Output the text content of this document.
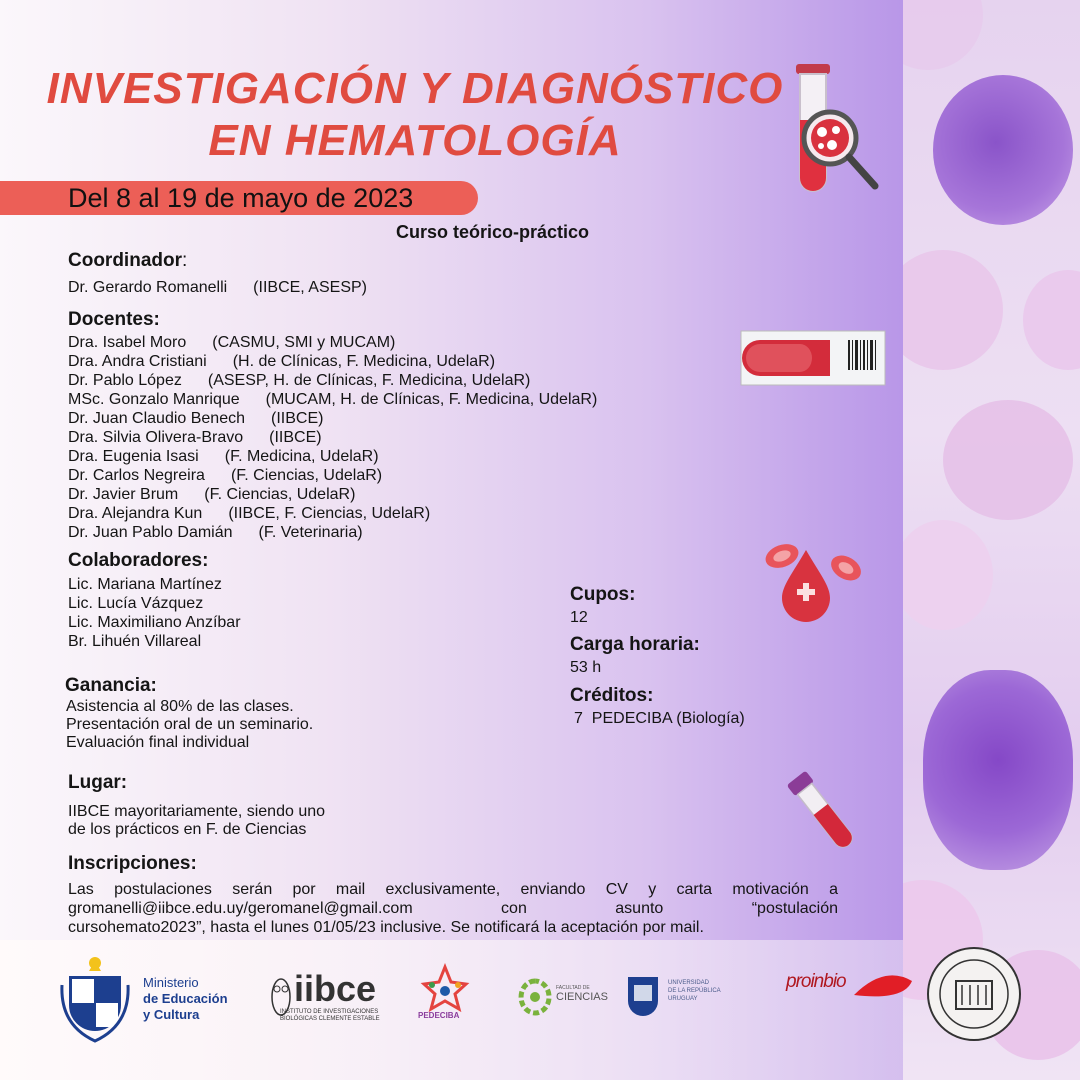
INVESTIGACIÓN Y DIAGNÓSTICO
EN HEMATOLOGÍA
Del 8 al 19 de mayo de 2023
Curso teórico-práctico
Coordinador:
Dr. Gerardo Romanelli (IIBCE, ASESP)
Docentes:
Dra. Isabel Moro (CASMU, SMI y MUCAM)
Dra. Andra Cristiani (H. de Clínicas, F. Medicina, UdelaR)
Dr. Pablo López (ASESP, H. de Clínicas, F. Medicina, UdelaR)
MSc. Gonzalo Manrique (MUCAM, H. de Clínicas, F. Medicina, UdelaR)
Dr. Juan Claudio Benech (IIBCE)
Dra. Silvia Olivera-Bravo (IIBCE)
Dra. Eugenia Isasi (F. Medicina, UdelaR)
Dr. Carlos Negreira (F. Ciencias, UdelaR)
Dr. Javier Brum (F. Ciencias, UdelaR)
Dra. Alejandra Kun (IIBCE, F. Ciencias, UdelaR)
Dr. Juan Pablo Damián (F. Veterinaria)
Colaboradores:
Lic. Mariana Martínez
Lic. Lucía Vázquez
Lic. Maximiliano Anzíbar
Br. Lihuén Villareal
Cupos:
12
Carga horaria:
53 h
Créditos:
7  PEDECIBA (Biología)
Ganancia:
Asistencia al 80% de las clases.
Presentación oral de un seminario.
Evaluación final individual
Lugar:
IIBCE mayoritariamente, siendo uno
de los prácticos en F. de Ciencias
Inscripciones:
Las postulaciones serán por mail exclusivamente, enviando CV y carta motivación a
gromanelli@iibce.edu.uy/geromanel@gmail.com con asunto “postulación
cursohemato2023”, hasta el lunes 01/05/23 inclusive. Se notificará la aceptación por mail.
Ministerio
de Educación
y Cultura
iibce
INSTITUTO DE INVESTIGACIONES
BIOLÓGICAS CLEMENTE ESTABLE	PEDECIBA
FACULTAD DE
CIENCIAS
UNIVERSIDAD
DE LA REPÚBLICA
URUGUAY
proinbio
